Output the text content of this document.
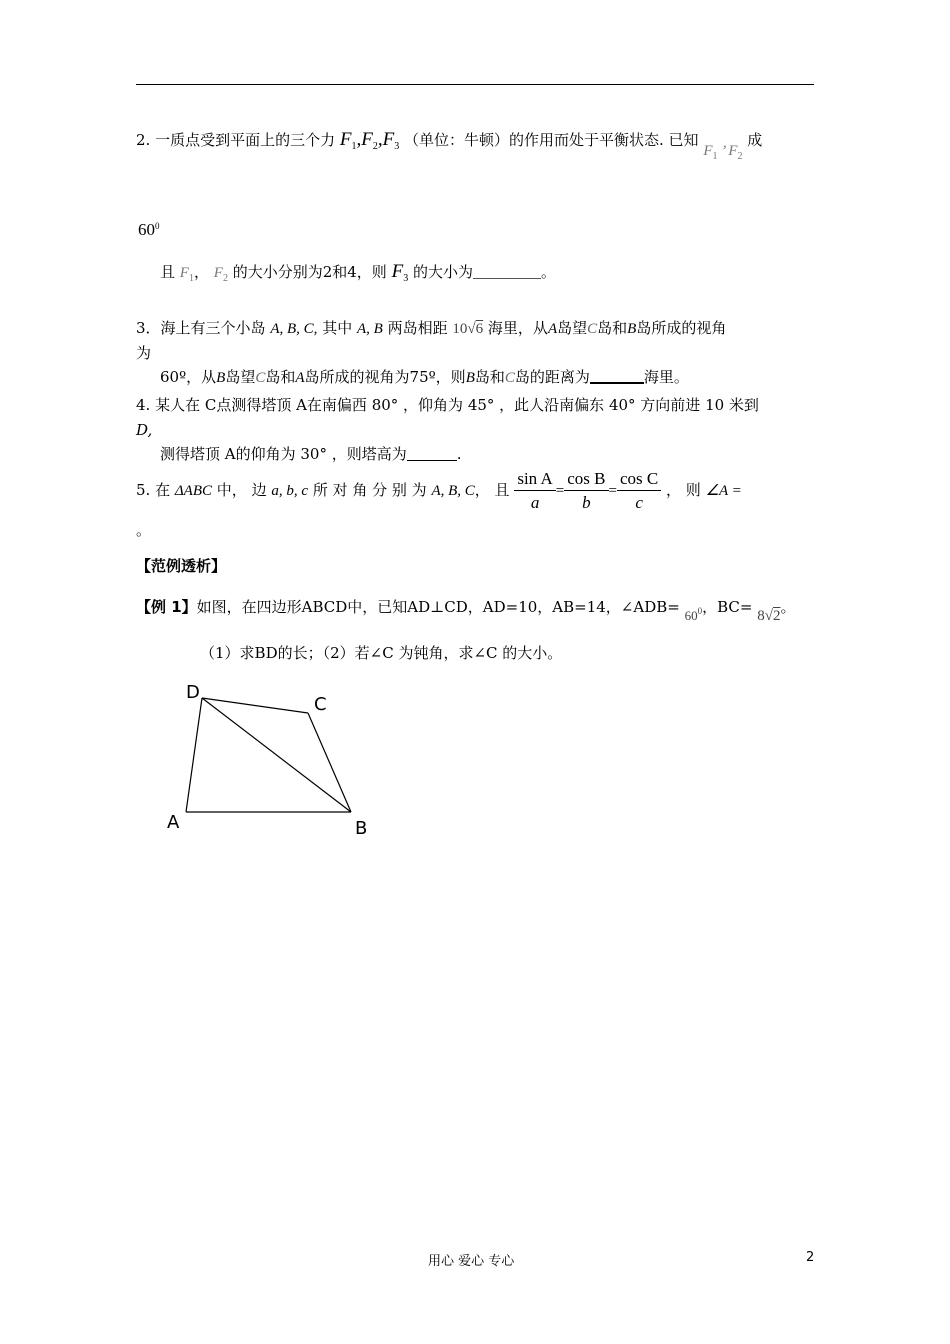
2. 一质点受到平面上的三个力 $F_1,F_2,F_3$ （单位：牛顿）的作用而处于平衡状态. 已知 $F_1$ ’ $F_2$ 成
$60^0$
且 $F_1$， $F_2$ 的大小分别为2和4，则 $F_3$ 的大小为	。
3．海上有三个小岛 A, B, C, 其中 A, B 两岛相距 10√6 海里，从A岛望C岛和B岛所成的视角
为
60º，从B岛望C岛和A岛所成的视角为75º，则B岛和C岛的距离为	海里。
4. 某人在 C点测得塔顶 A在南偏西 80° ，仰角为 45° ，此人沿南偏东 40° 方向前进 10 米到
D,
测得塔顶 A的仰角为 30° ，则塔高为	.
5. 在 ΔABC 中， 边 a, b, c 所 对 角 分 别 为 A, B, C， 且 $\frac{\text{sin A}}{a} = \frac{\text{cos B}}{b} = \frac{\text{cos C}}{c}$ ， 则 ∠A =
。
【范例透析】
【例 1】如图，在四边形ABCD中，已知AD⊥CD，AD=10，AB=14，∠ADB= $60^0$，BC= 8√2。
（1）求BD的长；（2）若∠C 为钝角，求∠C 的大小。
D
C
A	B
用心 爱心 专心	2
